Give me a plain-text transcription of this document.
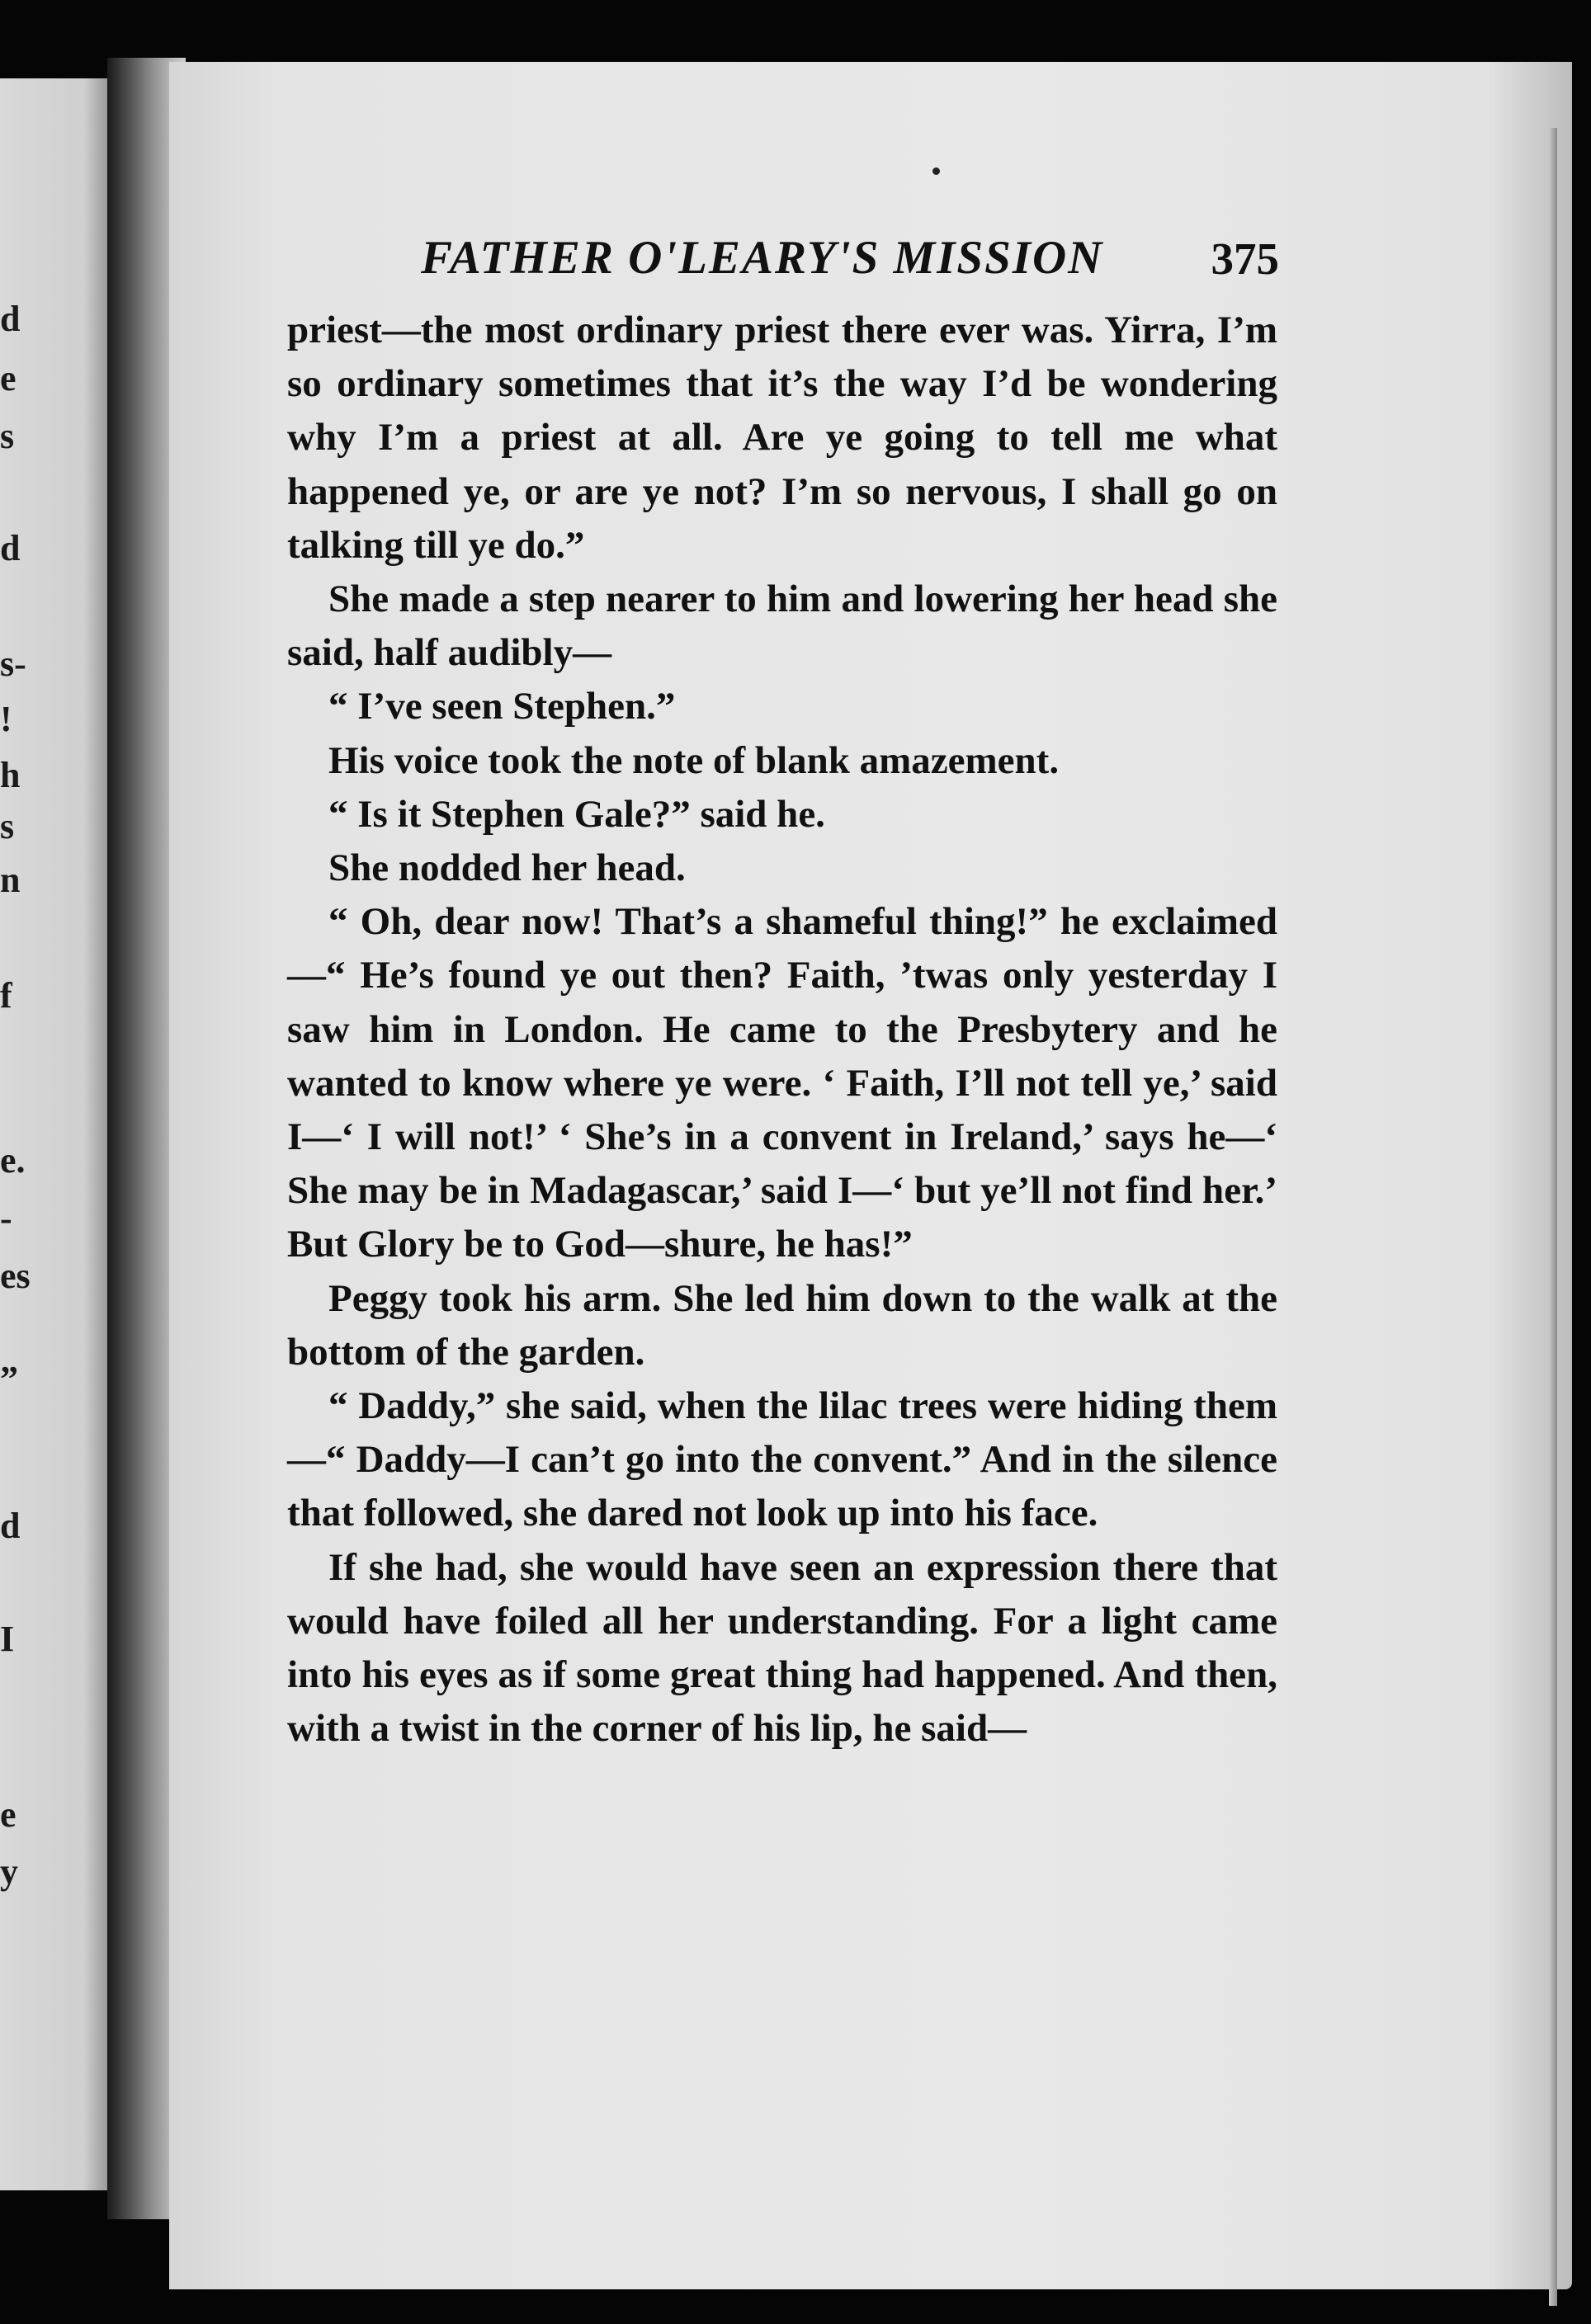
d
e
s
d
s-
!
h
s
n
f
e.
-
es
”
d
I
e
y
FATHER O'LEARY'S MISSION 375

priest—the most ordinary priest there ever was. Yirra, I’m so ordinary sometimes that it’s the way I’d be wondering why I’m a priest at all. Are ye going to tell me what happened ye, or are ye not? I’m so nervous, I shall go on talking till ye do.”

She made a step nearer to him and lowering her head she said, half audibly—

“ I’ve seen Stephen.”

His voice took the note of blank amazement.

“ Is it Stephen Gale?” said he.

She nodded her head.

“ Oh, dear now! That’s a shameful thing!” he exclaimed—“ He’s found ye out then? Faith, ’twas only yesterday I saw him in London. He came to the Presbytery and he wanted to know where ye were. ‘ Faith, I’ll not tell ye,’ said I—‘ I will not!’ ‘ She’s in a convent in Ireland,’ says he—‘ She may be in Madagascar,’ said I—‘ but ye’ll not find her.’ But Glory be to God—shure, he has!”

Peggy took his arm. She led him down to the walk at the bottom of the garden.

“ Daddy,” she said, when the lilac trees were hiding them—“ Daddy—I can’t go into the convent.” And in the silence that followed, she dared not look up into his face.

If she had, she would have seen an expression there that would have foiled all her understanding. For a light came into his eyes as if some great thing had happened. And then, with a twist in the corner of his lip, he said—
